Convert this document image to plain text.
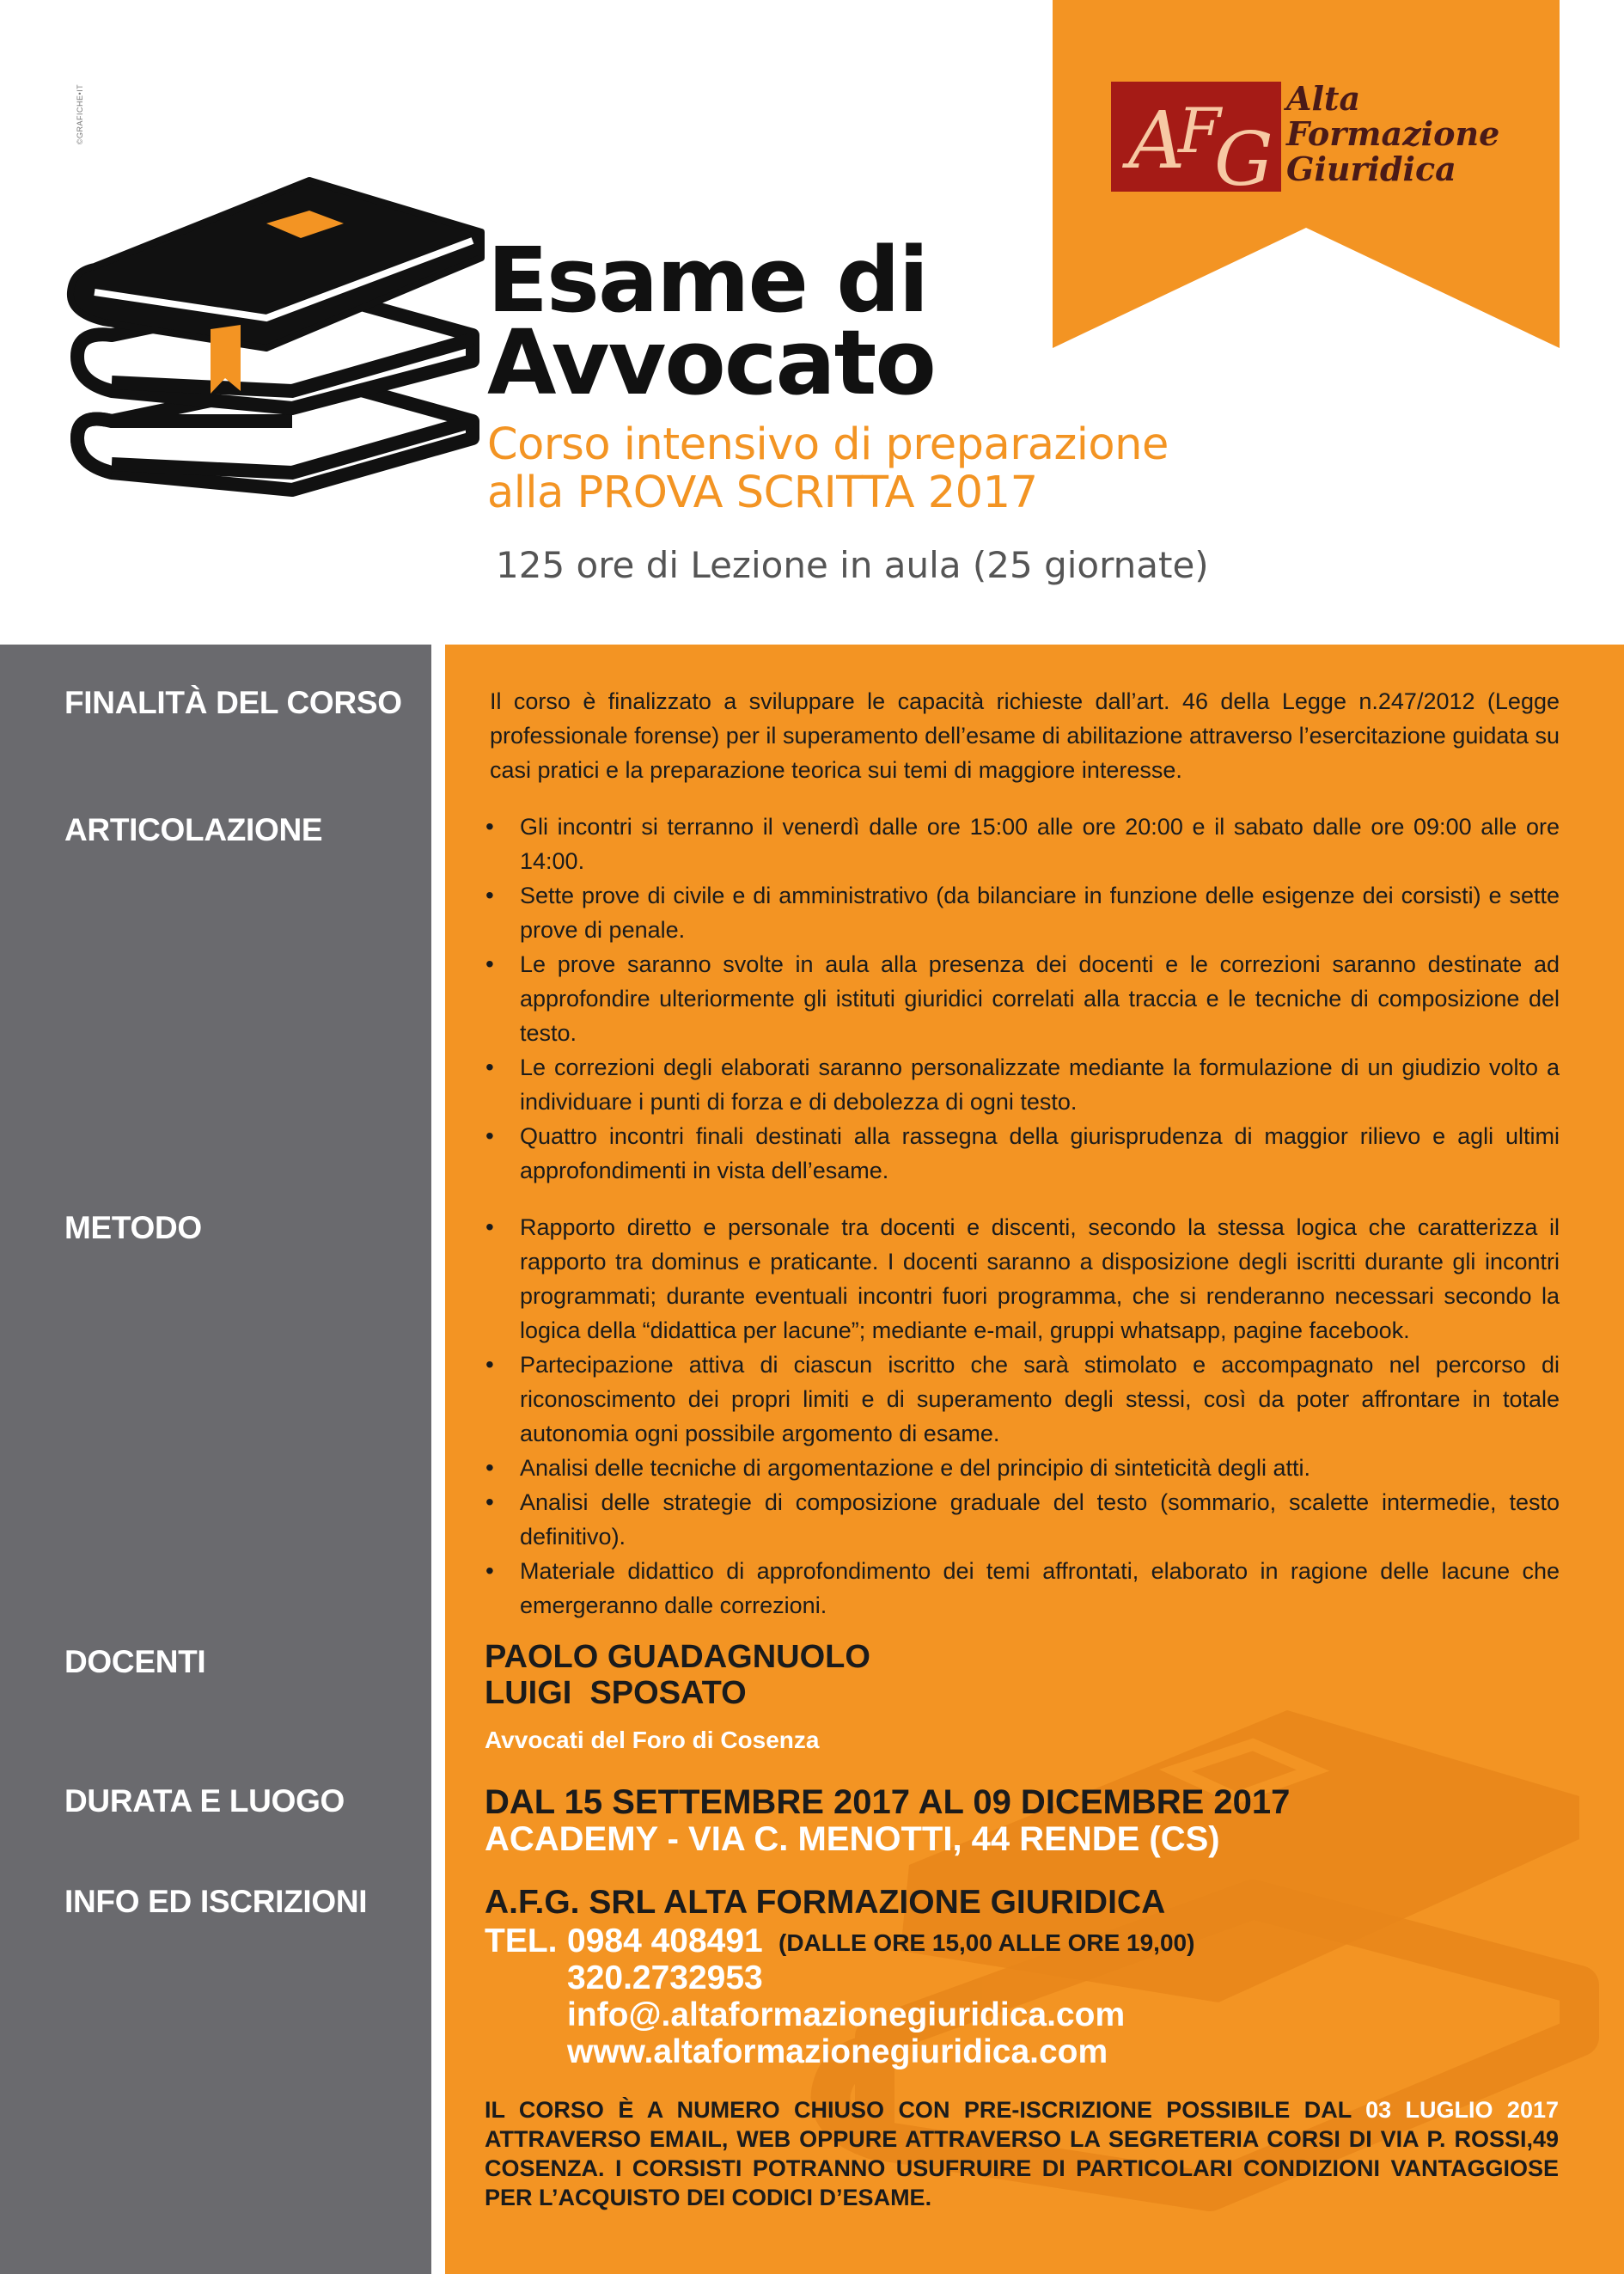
©GRAFICHE•IT
Esame di
Avvocato
Corso intensivo di preparazione
alla PROVA SCRITTA 2017
125 ore di Lezione in aula (25 giornate)
A
F
G
Alta
Formazione
Giuridica
FINALITÀ DEL CORSO
ARTICOLAZIONE
METODO
DOCENTI
DURATA E LUOGO
INFO ED ISCRIZIONI
Il corso è finalizzato a sviluppare le capacità richieste dall’art. 46 della Legge n.247/2012 (Legge professionale forense) per il superamento dell’esame di abilitazione attraverso l’esercitazione guidata su casi pratici e la preparazione teorica sui temi di maggiore interesse.
• Gli incontri si terranno il venerdì dalle ore 15:00 alle ore 20:00 e il sabato dalle ore 09:00 alle ore 14:00.
• Sette prove di civile e di amministrativo (da bilanciare in funzione delle esigenze dei corsisti) e sette prove di penale.
• Le prove saranno svolte in aula alla presenza dei docenti e le correzioni saranno destinate ad approfondire ulteriormente gli istituti giuridici correlati alla traccia e le tecniche di composizione del testo.
• Le correzioni degli elaborati saranno personalizzate mediante la formulazione di un giudizio volto a individuare i punti di forza e di debolezza di ogni testo.
• Quattro incontri finali destinati alla rassegna della giurisprudenza di maggior rilievo e agli ultimi approfondimenti in vista dell’esame.
• Rapporto diretto e personale tra docenti e discenti, secondo la stessa logica che caratterizza il rapporto tra dominus e praticante. I docenti saranno a disposizione degli iscritti durante gli incontri programmati; durante eventuali incontri fuori programma, che si renderanno necessari secondo la logica della “didattica per lacune”; mediante e-mail, gruppi whatsapp, pagine facebook.
• Partecipazione attiva di ciascun iscritto che sarà stimolato e accompagnato nel percorso di riconoscimento dei propri limiti e di superamento degli stessi, così da poter affrontare in totale autonomia ogni possibile argomento di esame.
• Analisi delle tecniche di argomentazione e del principio di sinteticità degli atti.
• Analisi delle strategie di composizione graduale del testo (sommario, scalette intermedie, testo definitivo).
• Materiale didattico di approfondimento dei temi affrontati, elaborato in ragione delle lacune che emergeranno dalle correzioni.
PAOLO GUADAGNUOLO
LUIGI  SPOSATO
Avvocati del Foro di Cosenza
DAL 15 SETTEMBRE 2017 AL 09 DICEMBRE 2017
ACADEMY - VIA C. MENOTTI, 44 RENDE (CS)
A.F.G. SRL ALTA FORMAZIONE GIURIDICA
TEL. 0984 408491 (DALLE ORE 15,00 ALLE ORE 19,00)
320.2732953
info@.altaformazionegiuridica.com
www.altaformazionegiuridica.com
IL CORSO È A NUMERO CHIUSO CON PRE-ISCRIZIONE POSSIBILE DAL 03 LUGLIO 2017  ATTRAVERSO EMAIL, WEB OPPURE ATTRAVERSO LA SEGRETERIA CORSI DI VIA P. ROSSI,49 COSENZA. I CORSISTI POTRANNO USUFRUIRE DI PARTICOLARI CONDIZIONI VANTAGGIOSE PER L’ACQUISTO DEI CODICI D’ESAME.
